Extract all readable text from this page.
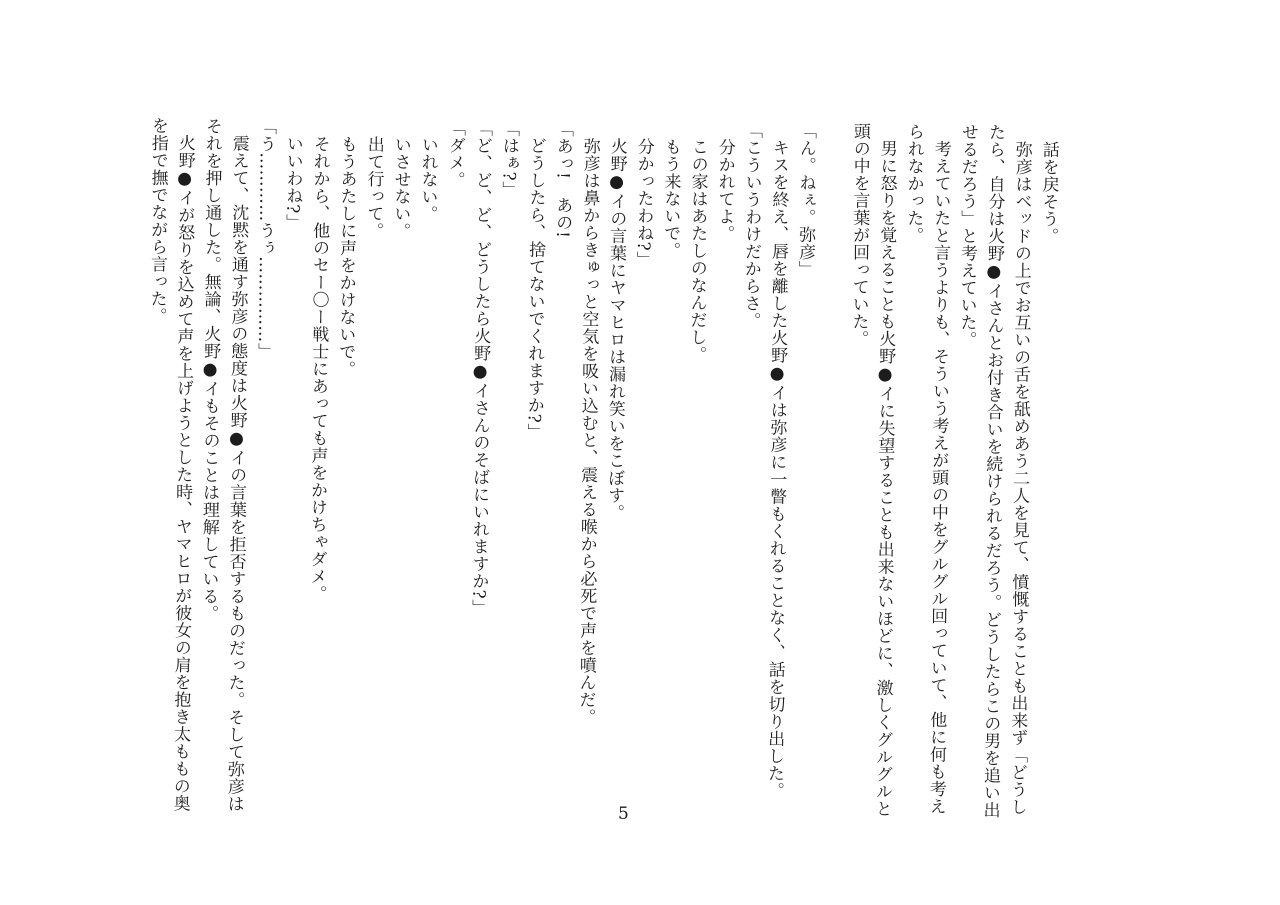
話を戻そう。

弥彦はベッドの上でお互いの舌を舐めあう二人を見て、憤慨することも出来ず「どうし

たら、自分は火野●イさんとお付き合いを続けられるだろう。どうしたらこの男を追い出

せるだろう」と考えていた。

考えていたと言うよりも、そういう考えが頭の中をグルグル回っていて、他に何も考え

られなかった。

男に怒りを覚えることも火野●イに失望することも出来ないほどに、激しくグルグルと

頭の中を言葉が回っていた。

「ん。ねぇ。弥彦」

キスを終え、唇を離した火野●イは弥彦に一瞥もくれることなく、話を切り出した。

「こういうわけだからさ。

分かれてよ。

この家はあたしのなんだし。

もう来ないで。

分かったわね?」

火野●イの言葉にヤマヒロは漏れ笑いをこぼす。

弥彦は鼻からきゅっと空気を吸い込むと、震える喉から必死で声を噴んだ。

「あっ!　あの!

どうしたら、捨てないでくれますか?」

「はぁ?」

「ど、ど、ど、どうしたら火野●イさんのそばにいれますか?」

「ダメ。

いれない。

いさせない。

出て行って。

もうあたしに声をかけないで。

それから、他のセー〇ー戦士にあっても声をかけちゃダメ。

いいわね?」

「う…………うぅ……………」

震えて、沈黙を通す弥彦の態度は火野●イの言葉を拒否するものだった。そして弥彦は

それを押し通した。無論、火野●イもそのことは理解している。

火野●イが怒りを込めて声を上げようとした時、ヤマヒロが彼女の肩を抱き太ももの奥

を指で撫でながら言った。

5
